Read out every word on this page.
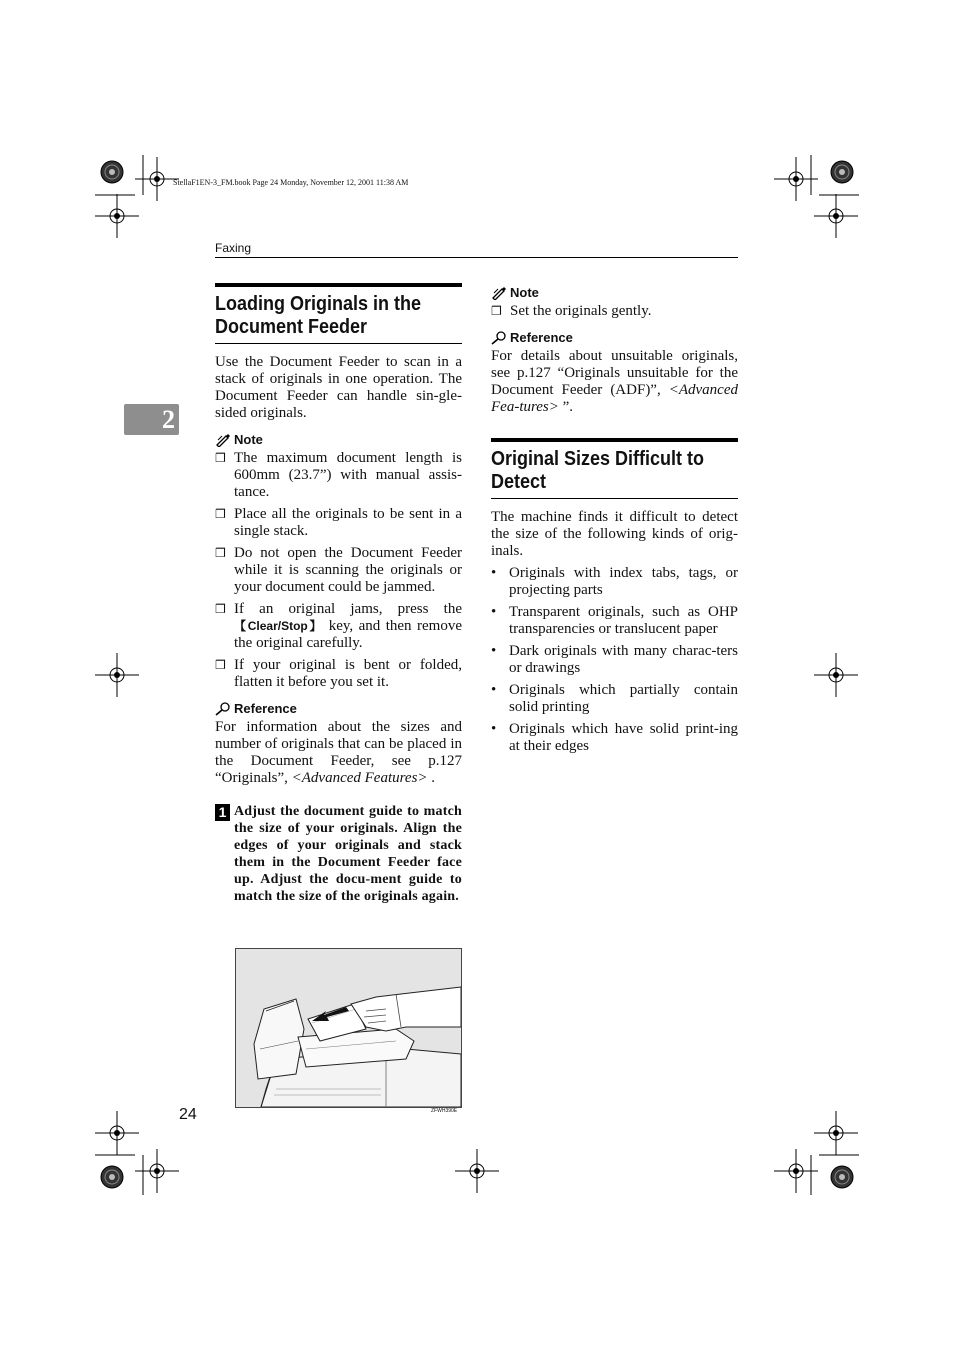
StellaF1EN-3_FM.book Page 24 Monday, November 12, 2001 11:38 AM
Faxing
2
Loading Originals in the Document Feeder

Use the Document Feeder to scan in a stack of originals in one operation. The Document Feeder can handle sin-gle-sided originals.

Note
❒ The maximum document length is 600mm (23.7”) with manual assis-tance.
❒ Place all the originals to be sent in a single stack.
❒ Do not open the Document Feeder while it is scanning the originals or your document could be jammed.
❒ If an original jams, press the 【Clear/Stop】 key, and then remove the original carefully.
❒ If your original is bent or folded, flatten it before you set it.
Reference

For information about the sizes and number of originals that can be placed in the Document Feeder, see p.127 “Originals”, <Advanced Features> .

1 Adjust the document guide to match the size of your originals. Align the edges of your originals and stack them in the Document Feeder face up. Adjust the docu-ment guide to match the size of the originals again.
ZFWH390E
Note
❒ Set the originals gently.
Reference

For details about unsuitable originals, see p.127 “Originals unsuitable for the Document Feeder (ADF)”, <Advanced Fea-tures> ”.

Original Sizes Difficult to Detect

The machine finds it difficult to detect the size of the following kinds of orig-inals.

• Originals with index tabs, tags, or projecting parts
• Transparent originals, such as OHP transparencies or translucent paper
• Dark originals with many charac-ters or drawings
• Originals which partially contain solid printing
• Originals which have solid print-ing at their edges
24
